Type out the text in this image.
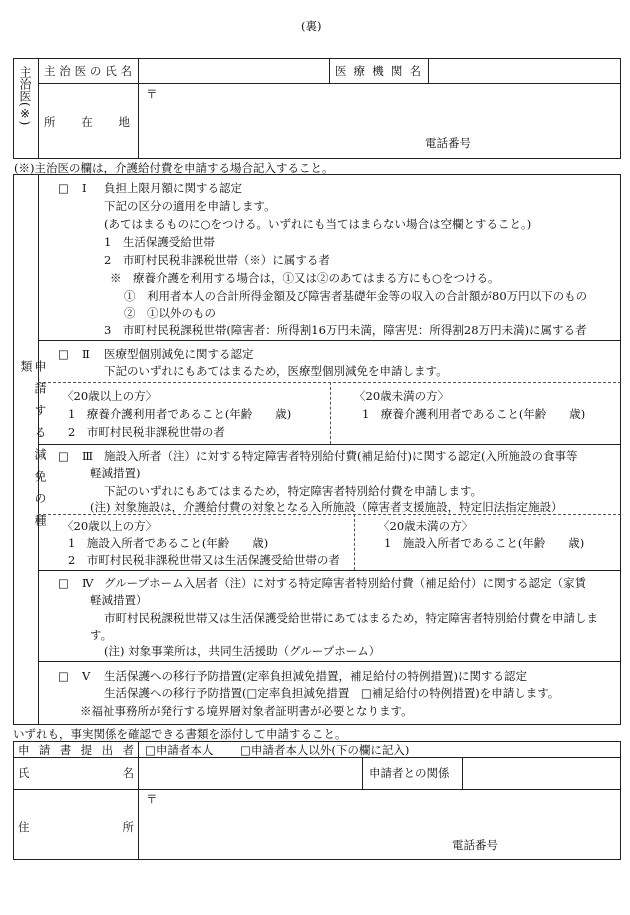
(裏)
主治医(※) 主 治 医 の 氏 名	医 療 機 関 名
所 在 地
〒
電話番号
(※)主治医の欄は，介護給付費を申請する場合記入すること。
申請する減免の種類
□ Ⅰ 負担上限月額に関する認定
下記の区分の適用を申請します。
(あてはまるものに○をつける。いずれにも当てはまらない場合は空欄とすること。)
1　生活保護受給世帯
2　市町村民税非課税世帯（※）に属する者
※　療養介護を利用する場合は，①又は②のあてはまる方にも○をつける。
①　利用者本人の合計所得金額及び障害者基礎年金等の収入の合計額が80万円以下のもの
②　①以外のもの
3　市町村民税課税世帯(障害者：所得割16万円未満，障害児：所得割28万円未満)に属する者
□ Ⅱ 医療型個別減免に関する認定
下記のいずれにもあてはまるため，医療型個別減免を申請します。
〈20歳以上の方〉
1　療養介護利用者であること(年齢　　歳)
2　市町村民税非課税世帯の者
〈20歳未満の方〉
1　療養介護利用者であること(年齢　　歳)
□ Ⅲ 施設入所者（注）に対する特定障害者特別給付費(補足給付)に関する認定(入所施設の食事等
軽減措置)
下記のいずれにもあてはまるため，特定障害者特別給付費を申請します。
(注) 対象施設は，介護給付費の対象となる入所施設（障害者支援施設，特定旧法指定施設）
〈20歳以上の方〉
1　施設入所者であること(年齢　　歳)
2　市町村民税非課税世帯又は生活保護受給世帯の者
〈20歳未満の方〉
1　施設入所者であること(年齢　　歳)
□ Ⅳ グループホーム入居者（注）に対する特定障害者特別給付費（補足給付）に関する認定（家賃
軽減措置）
市町村民税課税世帯又は生活保護受給世帯にあてはまるため，特定障害者特別給付費を申請しま
す。
(注) 対象事業所は，共同生活援助（グループホーム）
□ Ⅴ 生活保護への移行予防措置(定率負担減免措置，補足給付の特例措置)に関する認定
生活保護への移行予防措置(□定率負担減免措置　□補足給付の特例措置)を申請します。
※福祉事務所が発行する境界層対象者証明書が必要となります。
いずれも，事実関係を確認できる書類を添付して申請すること。
申 請 書 提 出 者 □申請者本人 □申請者本人以外(下の欄に記入)
氏	名	申請者との関係
住	所
〒
電話番号
